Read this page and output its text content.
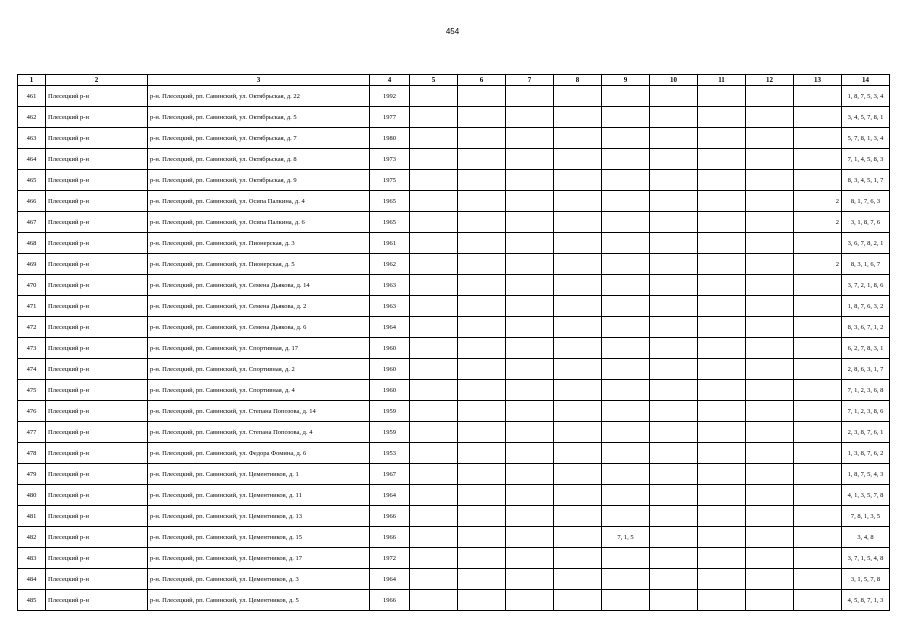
454
1	2	3	4	5	6	7	8	9	10	11	12	13	14
461	Плесецкий р-н	р-н. Плесецкий, рп. Савинский, ул. Октябрьская, д. 22	1992										1, 8, 7, 5, 3, 4
462	Плесецкий р-н	р-н. Плесецкий, рп. Савинский, ул. Октябрьская, д. 5	1977										3, 4, 5, 7, 8, 1
463	Плесецкий р-н	р-н. Плесецкий, рп. Савинский, ул. Октябрьская, д. 7	1980										5, 7, 8, 1, 3, 4
464	Плесецкий р-н	р-н. Плесецкий, рп. Савинский, ул. Октябрьская, д. 8	1973										7, 1, 4, 5, 8, 3
465	Плесецкий р-н	р-н. Плесецкий, рп. Савинский, ул. Октябрьская, д. 9	1975										8, 3, 4, 5, 1, 7
466	Плесецкий р-н	р-н. Плесецкий, рп. Савинский, ул. Осипа Палкина, д. 4	1965									2	8, 1, 7, 6, 3
467	Плесецкий р-н	р-н. Плесецкий, рп. Савинский, ул. Осипа Палкина, д. 6	1965									2	3, 1, 8, 7, 6
468	Плесецкий р-н	р-н. Плесецкий, рп. Савинский, ул. Пионерская, д. 3	1961										3, 6, 7, 8, 2, 1
469	Плесецкий р-н	р-н. Плесецкий, рп. Савинский, ул. Пионерская, д. 5	1962									2	8, 3, 1, 6, 7
470	Плесецкий р-н	р-н. Плесецкий, рп. Савинский, ул. Семена Дьякова, д. 14	1963										3, 7, 2, 1, 8, 6
471	Плесецкий р-н	р-н. Плесецкий, рп. Савинский, ул. Семена Дьякова, д. 2	1963										1, 8, 7, 6, 3, 2
472	Плесецкий р-н	р-н. Плесецкий, рп. Савинский, ул. Семена Дьякова, д. 6	1964										8, 3, 6, 7, 1, 2
473	Плесецкий р-н	р-н. Плесецкий, рп. Савинский, ул. Спортивная, д. 17	1960										6, 2, 7, 8, 3, 1
474	Плесецкий р-н	р-н. Плесецкий, рп. Савинский, ул. Спортивная, д. 2	1960										2, 8, 6, 3, 1, 7
475	Плесецкий р-н	р-н. Плесецкий, рп. Савинский, ул. Спортивная, д. 4	1960										7, 1, 2, 3, 6, 8
476	Плесецкий р-н	р-н. Плесецкий, рп. Савинский, ул. Степана Попозова, д. 14	1959										7, 1, 2, 3, 8, 6
477	Плесецкий р-н	р-н. Плесецкий, рп. Савинский, ул. Степана Попозова, д. 4	1959										2, 3, 8, 7, 6, 1
478	Плесецкий р-н	р-н. Плесецкий, рп. Савинский, ул. Федора Фомина, д. 6	1953										1, 3, 8, 7, 6, 2
479	Плесецкий р-н	р-н. Плесецкий, рп. Савинский, ул. Цементников, д. 1	1967										1, 8, 7, 5, 4, 3
480	Плесецкий р-н	р-н. Плесецкий, рп. Савинский, ул. Цементников, д. 11	1964										4, 1, 3, 5, 7, 8
481	Плесецкий р-н	р-н. Плесецкий, рп. Савинский, ул. Цементников, д. 13	1966										7, 8, 1, 3, 5
482	Плесецкий р-н	р-н. Плесецкий, рп. Савинский, ул. Цементников, д. 15	1966					7, 1, 5					3, 4, 8
483	Плесецкий р-н	р-н. Плесецкий, рп. Савинский, ул. Цементников, д. 17	1972										3, 7, 1, 5, 4, 8
484	Плесецкий р-н	р-н. Плесецкий, рп. Савинский, ул. Цементников, д. 3	1964										3, 1, 5, 7, 8
485	Плесецкий р-н	р-н. Плесецкий, рп. Савинский, ул. Цементников, д. 5	1966										4, 5, 8, 7, 1, 3
